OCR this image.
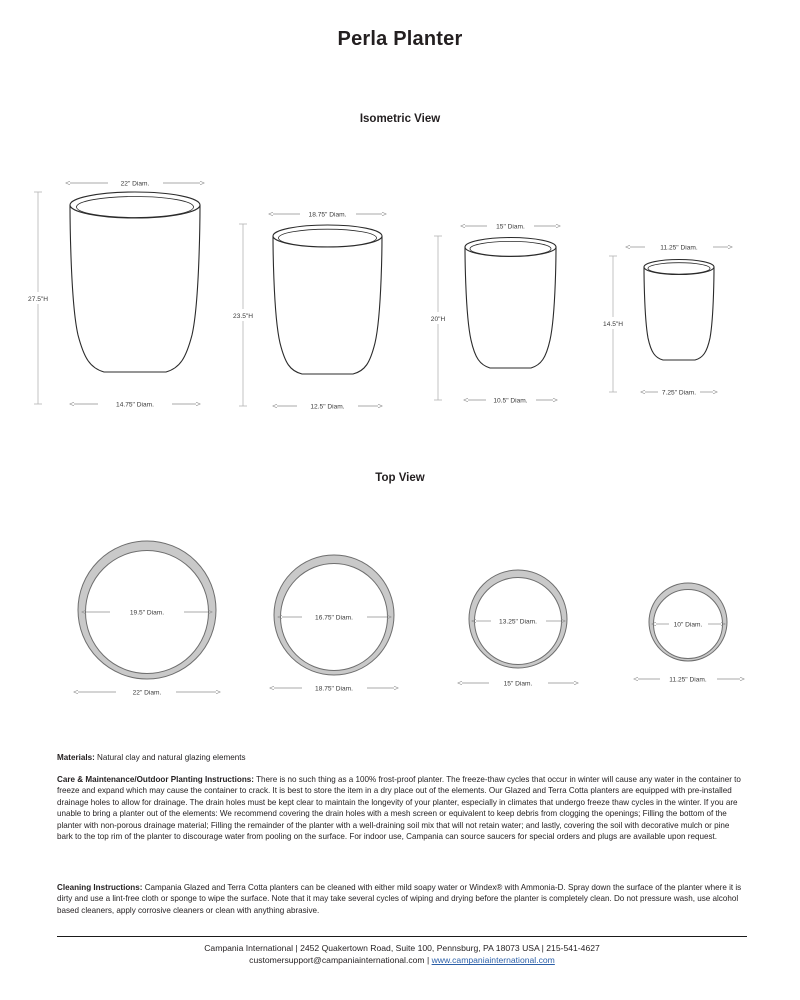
Perla Planter
Isometric View
22" Diam.
27.5"H
14.75" Diam.
18.75" Diam.
23.5"H
12.5" Diam.
15" Diam.
20"H
10.5" Diam.
11.25" Diam.
14.5"H
7.25" Diam.
Top View
19.5" Diam.
22" Diam.
16.75" Diam.
18.75" Diam.
13.25" Diam.
15" Diam.
10" Diam.
11.25" Diam.
Materials: Natural clay and natural glazing elements
Care & Maintenance/Outdoor Planting Instructions: There is no such thing as a 100% frost-proof planter. The freeze-thaw cycles that occur in winter will cause any water in the container to freeze and expand which may cause the container to crack. It is best to store the item in a dry place out of the elements. Our Glazed and Terra Cotta planters are equipped with pre-installed drainage holes to allow for drainage. The drain holes must be kept clear to maintain the longevity of your planter, especially in climates that undergo freeze thaw cycles in the winter. If you are unable to bring a planter out of the elements: We recommend covering the drain holes with a mesh screen or equivalent to keep debris from clogging the openings; Filling the bottom of the planter with non-porous drainage material; Filling the remainder of the planter with a well-draining soil mix that will not retain water; and lastly, covering the soil with decorative mulch or pine bark to the top rim of the planter to discourage water from pooling on the surface. For indoor use, Campania can source saucers for special orders and plugs are available upon request.
Cleaning Instructions: Campania Glazed and Terra Cotta planters can be cleaned with either mild soapy water or Windex® with Ammonia-D. Spray down the surface of the planter where it is dirty and use a lint-free cloth or sponge to wipe the surface. Note that it may take several cycles of wiping and drying before the planter is completely clean. Do not pressure wash, use alcohol based cleaners, apply corrosive cleaners or clean with anything abrasive.
Campania International | 2452 Quakertown Road, Suite 100, Pennsburg, PA 18073 USA | 215-541-4627
customersupport@campaniainternational.com | www.campaniainternational.com
